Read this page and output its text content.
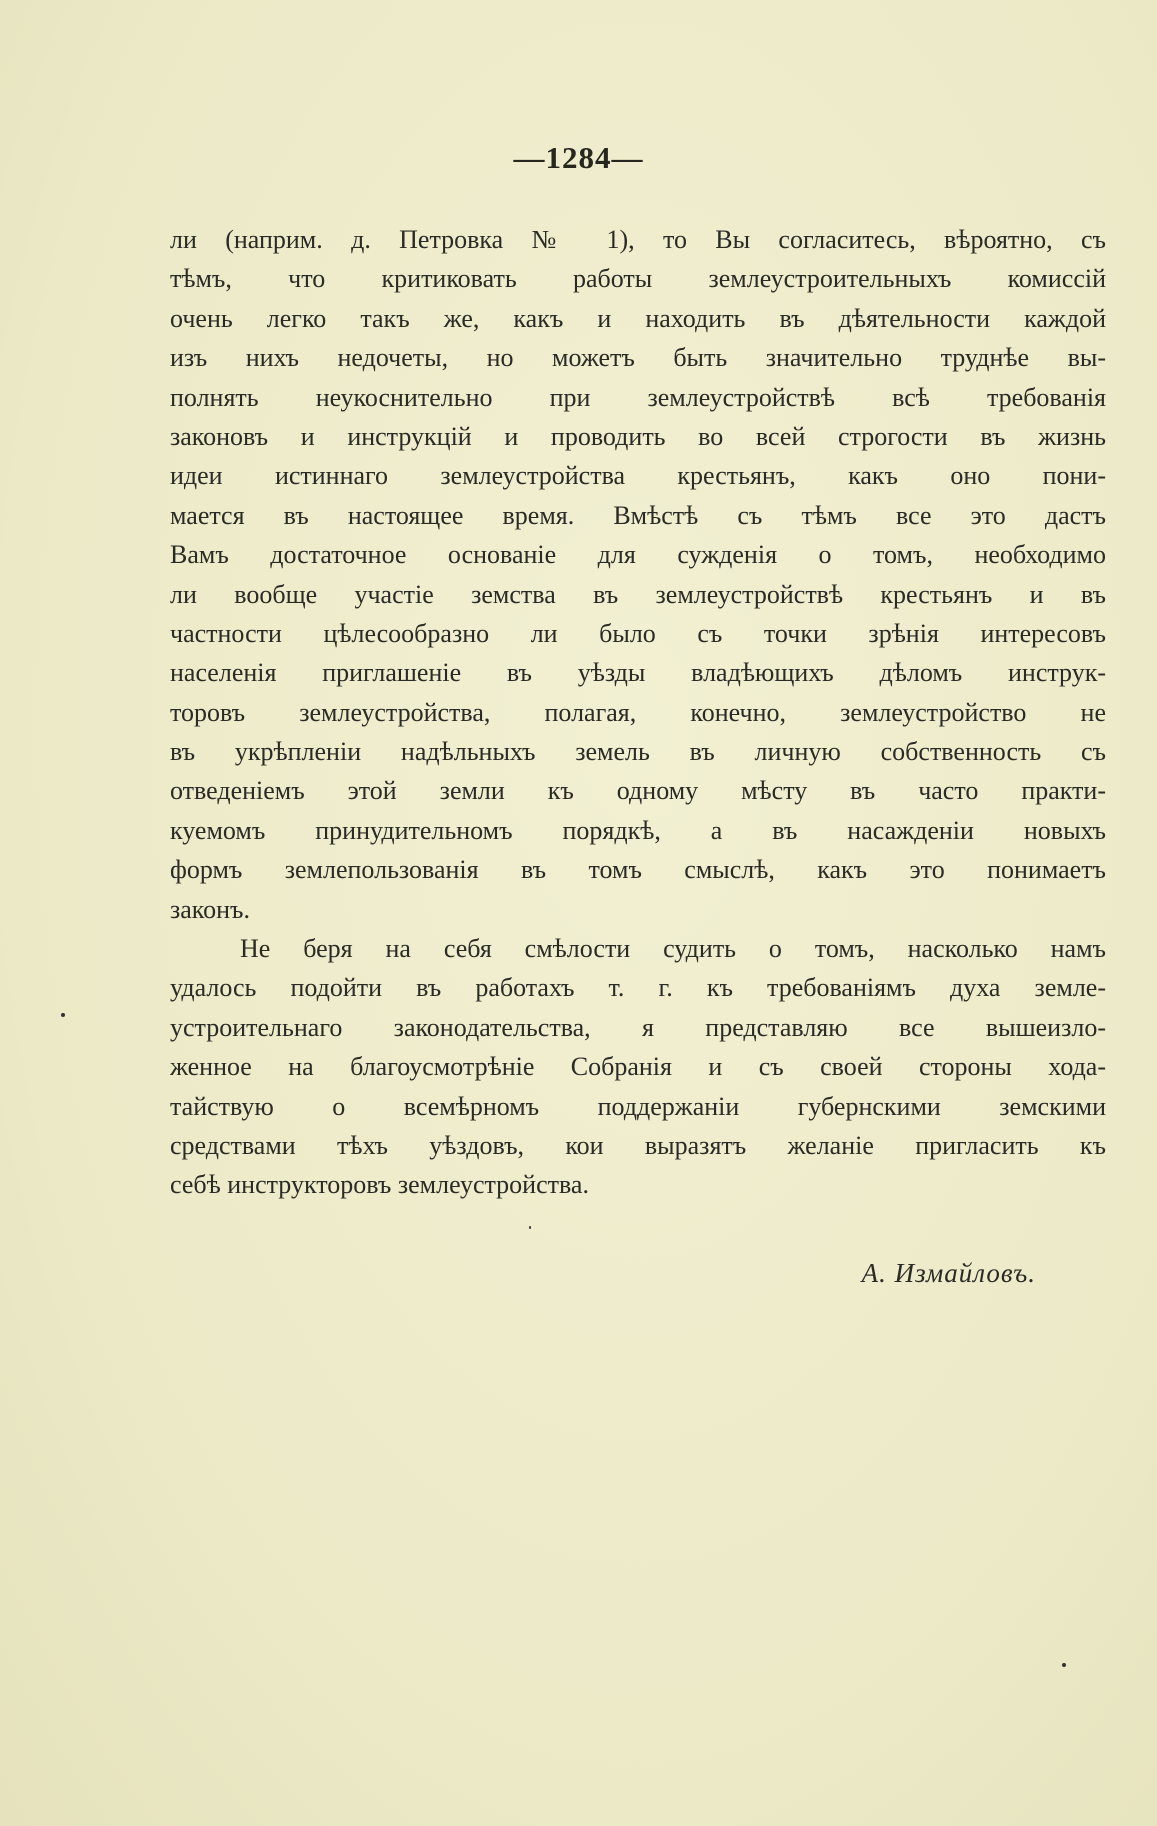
—1284—

ли (наприм. д. Петровка № 1), то Вы согласитесь, вѣроятно, съ
тѣмъ, что критиковать работы землеустроительныхъ комиссій
очень легко такъ же, какъ и находить въ дѣятельности каждой
изъ нихъ недочеты, но можетъ быть значительно труднѣе вы-
полнять неукоснительно при землеустройствѣ всѣ требованія
законовъ и инструкцій и проводить во всей строгости въ жизнь
идеи истиннаго землеустройства крестьянъ, какъ оно пони-
мается въ настоящее время. Вмѣстѣ съ тѣмъ все это дастъ
Вамъ достаточное основаніе для сужденія о томъ, необходимо
ли вообще участіе земства въ землеустройствѣ крестьянъ и въ
частности цѣлесообразно ли было съ точки зрѣнія интересовъ
населенія приглашеніе въ уѣзды владѣющихъ дѣломъ инструк-
торовъ землеустройства, полагая, конечно, землеустройство не
въ укрѣпленіи надѣльныхъ земель въ личную собственность съ
отведеніемъ этой земли къ одному мѣсту въ часто практи-
куемомъ принудительномъ порядкѣ, а въ насажденіи новыхъ
формъ землепользованія въ томъ смыслѣ, какъ это понимаетъ
законъ.

Не беря на себя смѣлости судить о томъ, насколько намъ
удалось подойти въ работахъ т. г. къ требованіямъ духа земле-
устроительнаго законодательства, я представляю все вышеизло-
женное на благоусмотрѣніе Собранія и съ своей стороны хода-
тайствую о всемѣрномъ поддержаніи губернскими земскими
средствами тѣхъ уѣздовъ, кои выразятъ желаніе пригласить къ
себѣ инструкторовъ землеустройства.

А. Измайловъ.
